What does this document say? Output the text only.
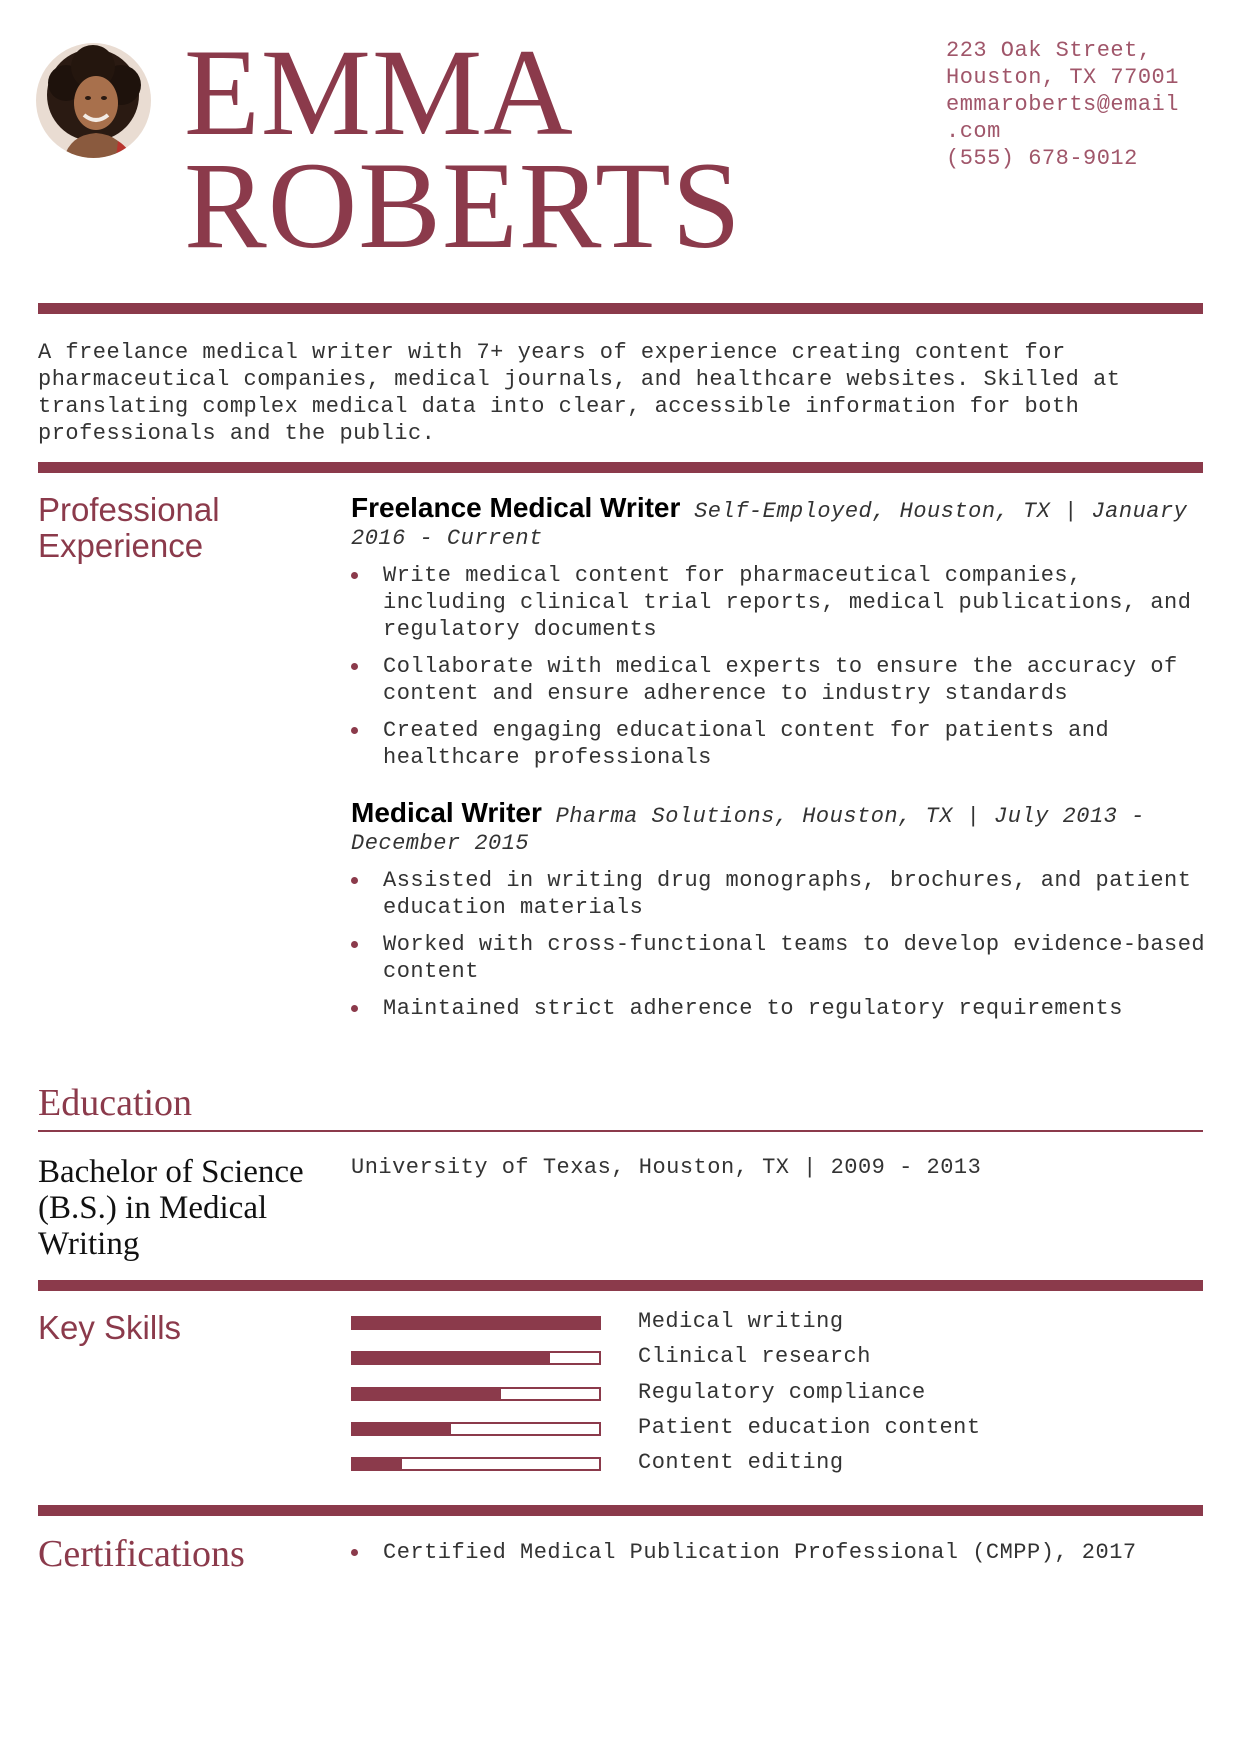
EMMA
ROBERTS
223 Oak Street,
Houston, TX 77001
emmaroberts@email
.com
(555) 678-9012

A freelance medical writer with 7+ years of experience creating content for pharmaceutical companies, medical journals, and healthcare websites. Skilled at translating complex medical data into clear, accessible information for both professionals and the public.

Professional
Experience
Freelance Medical Writer Self-Employed, Houston, TX | January 2016 - Current
Write medical content for pharmaceutical companies, including clinical trial reports, medical publications, and regulatory documents
Collaborate with medical experts to ensure the accuracy of content and ensure adherence to industry standards
Created engaging educational content for patients and healthcare professionals
Medical Writer Pharma Solutions, Houston, TX | July 2013 - December 2015
Assisted in writing drug monographs, brochures, and patient education materials
Worked with cross-functional teams to develop evidence-based content
Maintained strict adherence to regulatory requirements
Education
Bachelor of Science (B.S.) in Medical Writing
University of Texas, Houston, TX | 2009 - 2013
Key Skills	Medical writing
Clinical research
Regulatory compliance
Patient education content
Content editing
Certifications	Certified Medical Publication Professional (CMPP), 2017
